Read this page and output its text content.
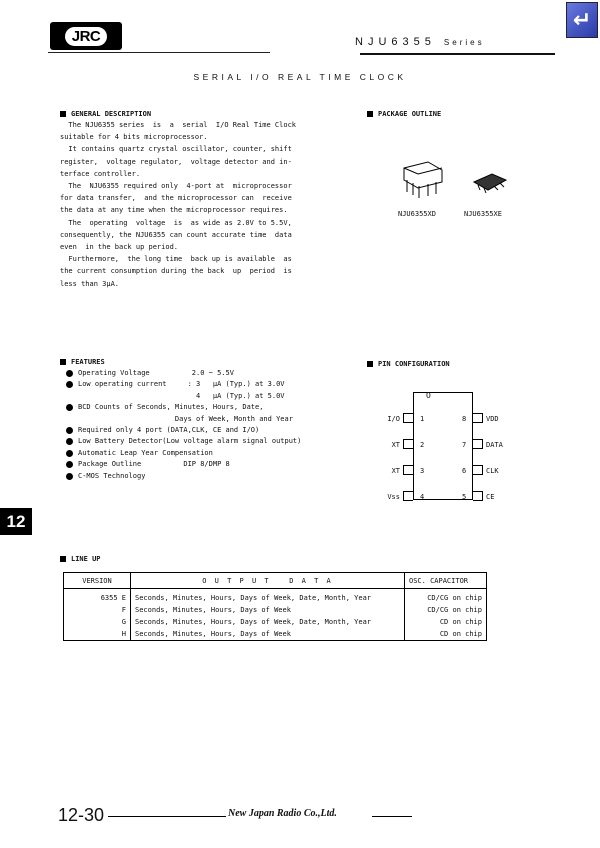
JRC	NJU6355 Series
↵
SERIAL I/O REAL TIME CLOCK
GENERAL DESCRIPTION
The NJU6355 series  is  a  serial  I/O Real Time Clock
suitable for 4 bits microprocessor.
It contains quartz crystal oscillator, counter, shift
register,  voltage regulator,  voltage detector and in-
terface controller.
The  NJU6355 required only  4-port at  microprocessor
for data transfer,  and the microprocessor can  receive
the data at any time when the microprocessor requires.
The  operating  voltage  is  as wide as 2.0V to 5.5V,
consequently, the NJU6355 can count accurate time  data
even  in the back up period.
Furthermore,  the long time  back up is available  as
the current consumption during the back  up  period  is
less than 3μA.
PACKAGE OUTLINE
NJU6355XD	NJU6355XE
FEATURES
Operating Voltage          2.0 ~ 5.5V
Low operating current     : 3   μA (Typ.) at 3.0V
4   μA (Typ.) at 5.0V
BCD Counts of Seconds, Minutes, Hours, Date,
Days of Week, Month and Year
Required only 4 port (DATA,CLK, CE and I/O)
Low Battery Detector(Low voltage alarm signal output)
Automatic Leap Year Compensation
Package Outline          DIP 8/DMP 8
C-MOS Technology
PIN CONFIGURATION
O
I/O	1
XT	2
XT	3
Vss	4
8	VDD
7	DATA
6	CLK
5	CE
12
LINE UP
VERSION	O U T P U T   D A T A	OSC. CAPACITOR
6355 E	Seconds, Minutes, Hours, Days of Week, Date, Month, Year	CD/CG on chip
F	Seconds, Minutes, Hours, Days of Week	CD/CG on chip
G	Seconds, Minutes, Hours, Days of Week, Date, Month, Year	CD on chip
H	Seconds, Minutes, Hours, Days of Week	CD on chip
12-30	New Japan Radio Co.,Ltd.
